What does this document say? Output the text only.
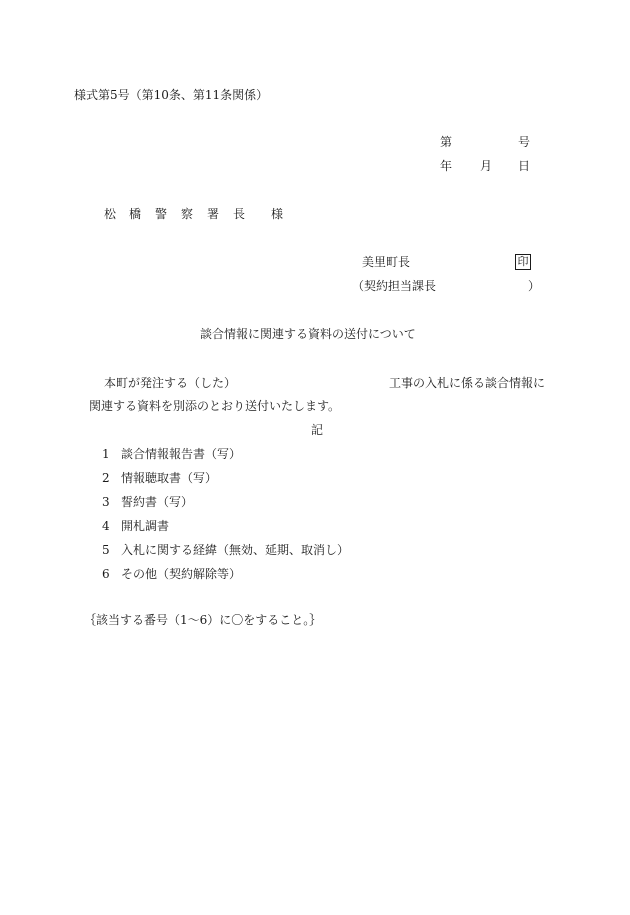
様式第5号（第10条、第11条関係）
第	号
年 月 日
松 橋 警 察 署 長 様
美里町長	印
（契約担当課長	）
談合情報に関連する資料の送付について
本町が発注する（した）	工事の入札に係る談合情報に
関連する資料を別添のとおり送付いたします。
記
1 談合情報報告書（写）
2 情報聴取書（写）
3 誓約書（写）
4 開札調書
5 入札に関する経緯（無効、延期、取消し）
6 その他（契約解除等）
｛該当する番号（1〜6）に〇をすること。｝
